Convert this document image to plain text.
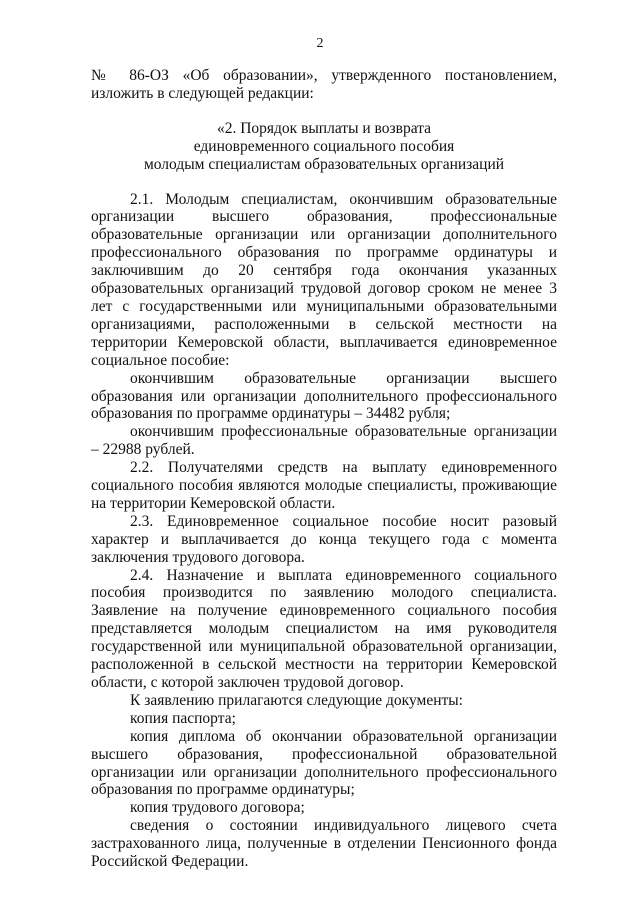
2

№ 86-ОЗ «Об образовании», утвержденного постановлением, изложить в следующей редакции:

«2. Порядок выплаты и возврата

единовременного социального пособия

молодым специалистам образовательных организаций

2.1. Молодым специалистам, окончившим образовательные организации высшего образования, профессиональные образовательные организации или организации дополнительного профессионального образования по программе ординатуры и заключившим до 20 сентября года окончания указанных образовательных организаций трудовой договор сроком не менее 3 лет с государственными или муниципальными образовательными организациями, расположенными в сельской местности на территории Кемеровской области, выплачивается единовременное социальное пособие:

окончившим образовательные организации высшего образования или организации дополнительного профессионального образования по программе ординатуры – 34482 рубля;

окончившим профессиональные образовательные организации – 22988 рублей.

2.2. Получателями средств на выплату единовременного социального пособия являются молодые специалисты, проживающие на территории Кемеровской области.

2.3. Единовременное социальное пособие носит разовый характер и выплачивается до конца текущего года с момента заключения трудового договора.

2.4. Назначение и выплата единовременного социального пособия производится по заявлению молодого специалиста. Заявление на получение единовременного социального пособия представляется молодым специалистом на имя руководителя государственной или муниципальной образовательной организации, расположенной в сельской местности на территории Кемеровской области, с которой заключен трудовой договор.

К заявлению прилагаются следующие документы:

копия паспорта;

копия диплома об окончании образовательной организации высшего образования, профессиональной образовательной организации или организации дополнительного профессионального образования по программе ординатуры;

копия трудового договора;

сведения о состоянии индивидуального лицевого счета застрахованного лица, полученные в отделении Пенсионного фонда Российской Федерации.
